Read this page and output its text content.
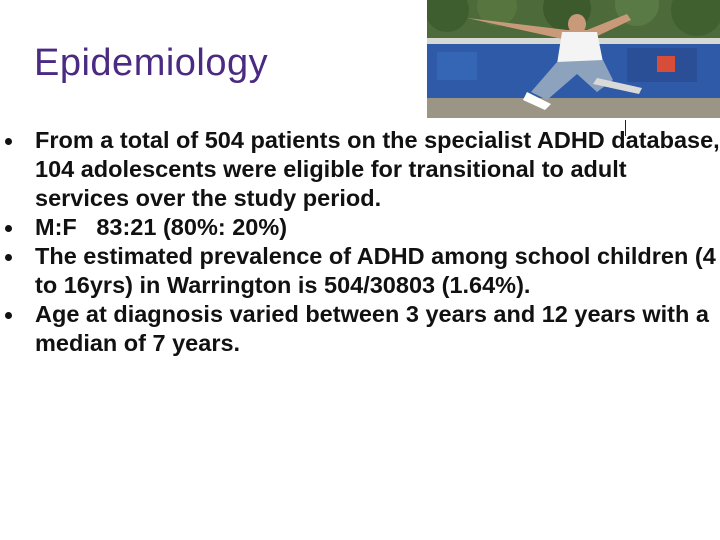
Epidemiology
From a total of 504 patients on the specialist ADHD database, 104 adolescents were eligible for transitional to adult services over the study period.
M:F   83:21 (80%: 20%)
The estimated prevalence of ADHD among school children (4 to 16yrs) in Warrington is 504/30803 (1.64%).
Age at diagnosis varied between 3 years and 12 years with a median of 7 years.
